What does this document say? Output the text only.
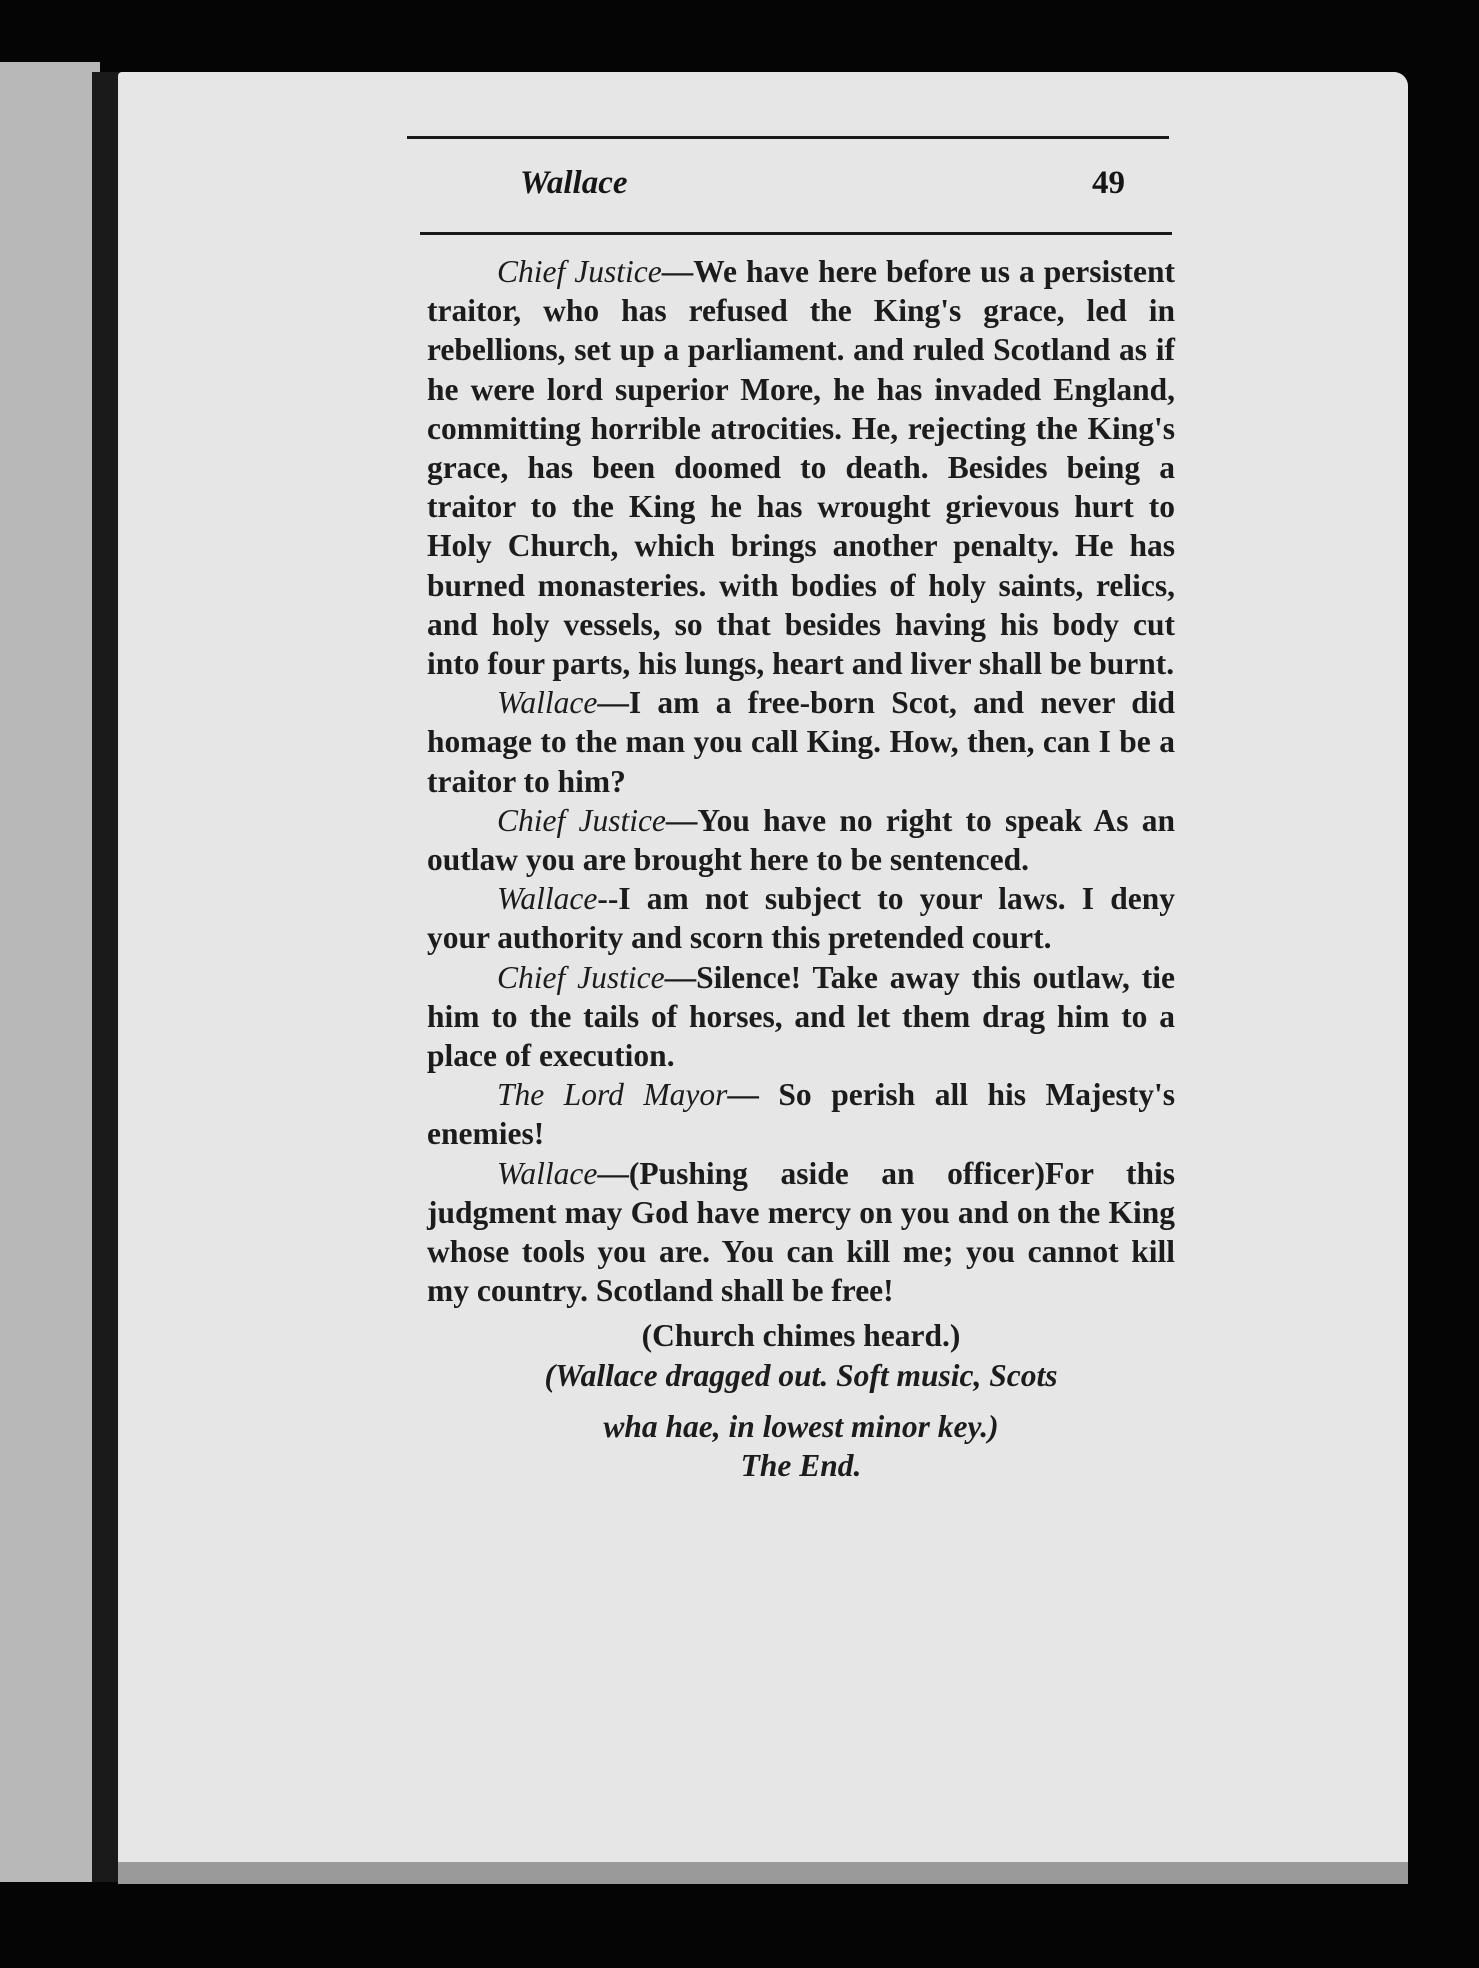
Wallace	49

Chief Justice—We have here before us a persistent traitor, who has refused the King's grace, led in rebellions, set up a parliament. and ruled Scotland as if he were lord superior More, he has invaded England, committing horrible atrocities. He, rejecting the King's grace, has been doomed to death. Besides being a traitor to the King he has wrought grievous hurt to Holy Church, which brings another penalty. He has burned monasteries. with bodies of holy saints, relics, and holy vessels, so that besides having his body cut into four parts, his lungs, heart and liver shall be burnt.

Wallace—I am a free-born Scot, and never did homage to the man you call King. How, then, can I be a traitor to him?

Chief Justice—You have no right to speak As an outlaw you are brought here to be sentenced.

Wallace--I am not subject to your laws. I deny your authority and scorn this pretended court.

Chief Justice—Silence! Take away this outlaw, tie him to the tails of horses, and let them drag him to a place of execution.

The Lord Mayor— So perish all his Majesty's enemies!

Wallace—(Pushing aside an officer)For this judgment may God have mercy on you and on the King whose tools you are. You can kill me; you cannot kill my country. Scotland shall be free!

(Church chimes heard.)

(Wallace dragged out. Soft music, Scots

wha hae, in lowest minor key.)

The End.
